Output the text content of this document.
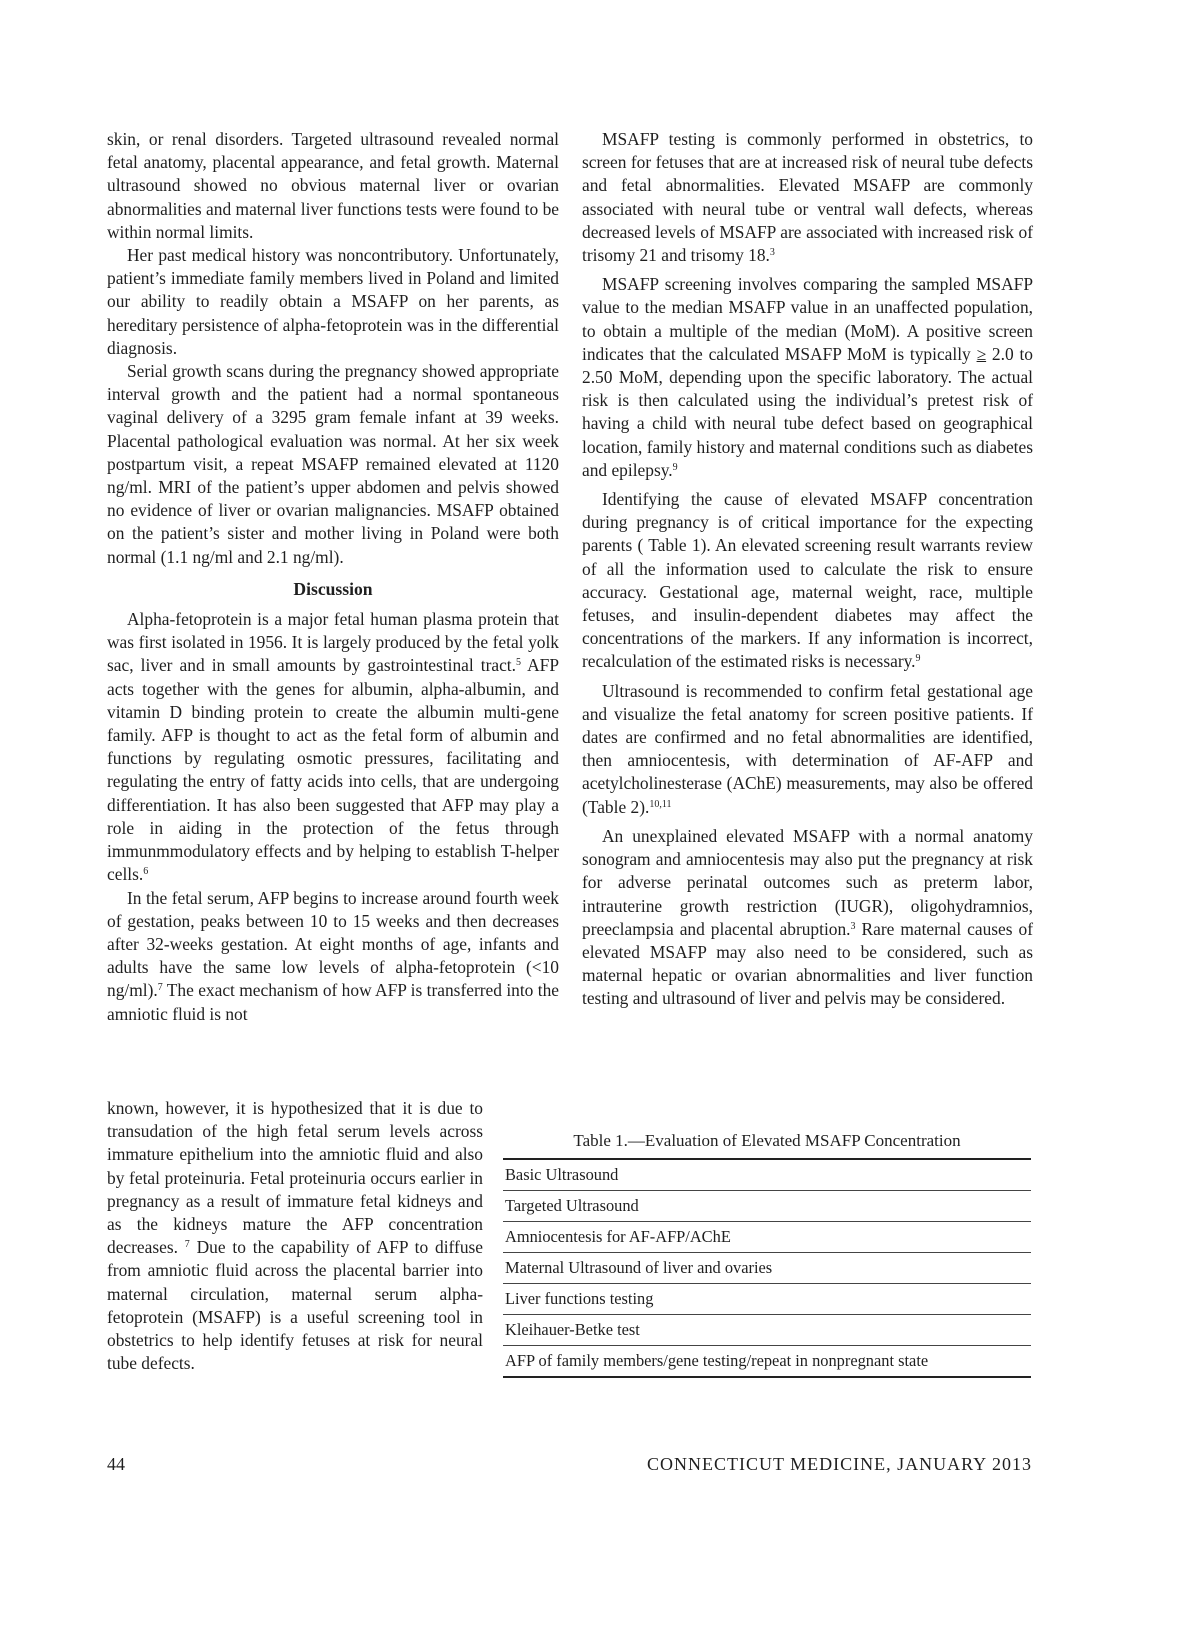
skin, or renal disorders. Targeted ultrasound revealed normal fetal anatomy, placental appearance, and fetal growth. Maternal ultrasound showed no obvious maternal liver or ovarian abnormalities and maternal liver functions tests were found to be within normal limits.

Her past medical history was noncontributory. Unfortunately, patient’s immediate family members lived in Poland and limited our ability to readily obtain a MSAFP on her parents, as hereditary persistence of alpha-fetoprotein was in the differential diagnosis.

Serial growth scans during the pregnancy showed appropriate interval growth and the patient had a normal spontaneous vaginal delivery of a 3295 gram female infant at 39 weeks. Placental pathological evaluation was normal. At her six week postpartum visit, a repeat MSAFP remained elevated at 1120 ng/ml. MRI of the patient’s upper abdomen and pelvis showed no evidence of liver or ovarian malignancies. MSAFP obtained on the patient’s sister and mother living in Poland were both normal (1.1 ng/ml and 2.1 ng/ml).

Discussion

Alpha-fetoprotein is a major fetal human plasma protein that was first isolated in 1956. It is largely produced by the fetal yolk sac, liver and in small amounts by gastrointestinal tract.$^5$ AFP acts together with the genes for albumin, alpha-albumin, and vitamin D binding protein to create the albumin multi-gene family. AFP is thought to act as the fetal form of albumin and functions by regulating osmotic pressures, facilitating and regulating the entry of fatty acids into cells, that are undergoing differentiation. It has also been suggested that AFP may play a role in aiding in the protection of the fetus through immunmmodulatory effects and by helping to establish T-helper cells.$^6$

In the fetal serum, AFP begins to increase around fourth week of gestation, peaks between 10 to 15 weeks and then decreases after 32-weeks gestation. At eight months of age, infants and adults have the same low levels of alpha-fetoprotein (<10 ng/ml).$^7$ The exact mechanism of how AFP is transferred into the amniotic fluid is not

known, however, it is hypothesized that it is due to transudation of the high fetal serum levels across immature epithelium into the amniotic fluid and also by fetal proteinuria. Fetal proteinuria occurs earlier in pregnancy as a result of immature fetal kidneys and as the kidneys mature the AFP concentration decreases. $^7$ Due to the capability of AFP to diffuse from amniotic fluid across the placental barrier into maternal circulation, maternal serum alpha-fetoprotein (MSAFP) is a useful screening tool in obstetrics to help identify fetuses at risk for neural tube defects.

MSAFP testing is commonly performed in obstetrics, to screen for fetuses that are at increased risk of neural tube defects and fetal abnormalities. Elevated MSAFP are commonly associated with neural tube or ventral wall defects, whereas decreased levels of MSAFP are associated with increased risk of trisomy 21 and trisomy 18.$^3$

MSAFP screening involves comparing the sampled MSAFP value to the median MSAFP value in an unaffected population, to obtain a multiple of the median (MoM). A positive screen indicates that the calculated MSAFP MoM is typically ≥ 2.0 to 2.50 MoM, depending upon the specific laboratory. The actual risk is then calculated using the individual’s pretest risk of having a child with neural tube defect based on geographical location, family history and maternal conditions such as diabetes and epilepsy.$^9$

Identifying the cause of elevated MSAFP concentration during pregnancy is of critical importance for the expecting parents ( Table 1). An elevated screening result warrants review of all the information used to calculate the risk to ensure accuracy. Gestational age, maternal weight, race, multiple fetuses, and insulin-dependent diabetes may affect the concentrations of the markers. If any information is incorrect, recalculation of the estimated risks is necessary.$^9$

Ultrasound is recommended to confirm fetal gestational age and visualize the fetal anatomy for screen positive patients. If dates are confirmed and no fetal abnormalities are identified, then amniocentesis, with determination of AF-AFP and acetylcholinesterase (AChE) measurements, may also be offered (Table 2).$^{10,11}$

An unexplained elevated MSAFP with a normal anatomy sonogram and amniocentesis may also put the pregnancy at risk for adverse perinatal outcomes such as preterm labor, intrauterine growth restriction (IUGR), oligohydramnios, preeclampsia and placental abruption.$^3$ Rare maternal causes of elevated MSAFP may also need to be considered, such as maternal hepatic or ovarian abnormalities and liver function testing and ultrasound of liver and pelvis may be considered.

Table 1.—Evaluation of Elevated MSAFP Concentration
Basic Ultrasound
Targeted Ultrasound
Amniocentesis for AF-AFP/AChE
Maternal Ultrasound of liver and ovaries
Liver functions testing
Kleihauer-Betke test
AFP of family members/gene testing/repeat in nonpregnant state
44	CONNECTICUT MEDICINE, JANUARY 2013
